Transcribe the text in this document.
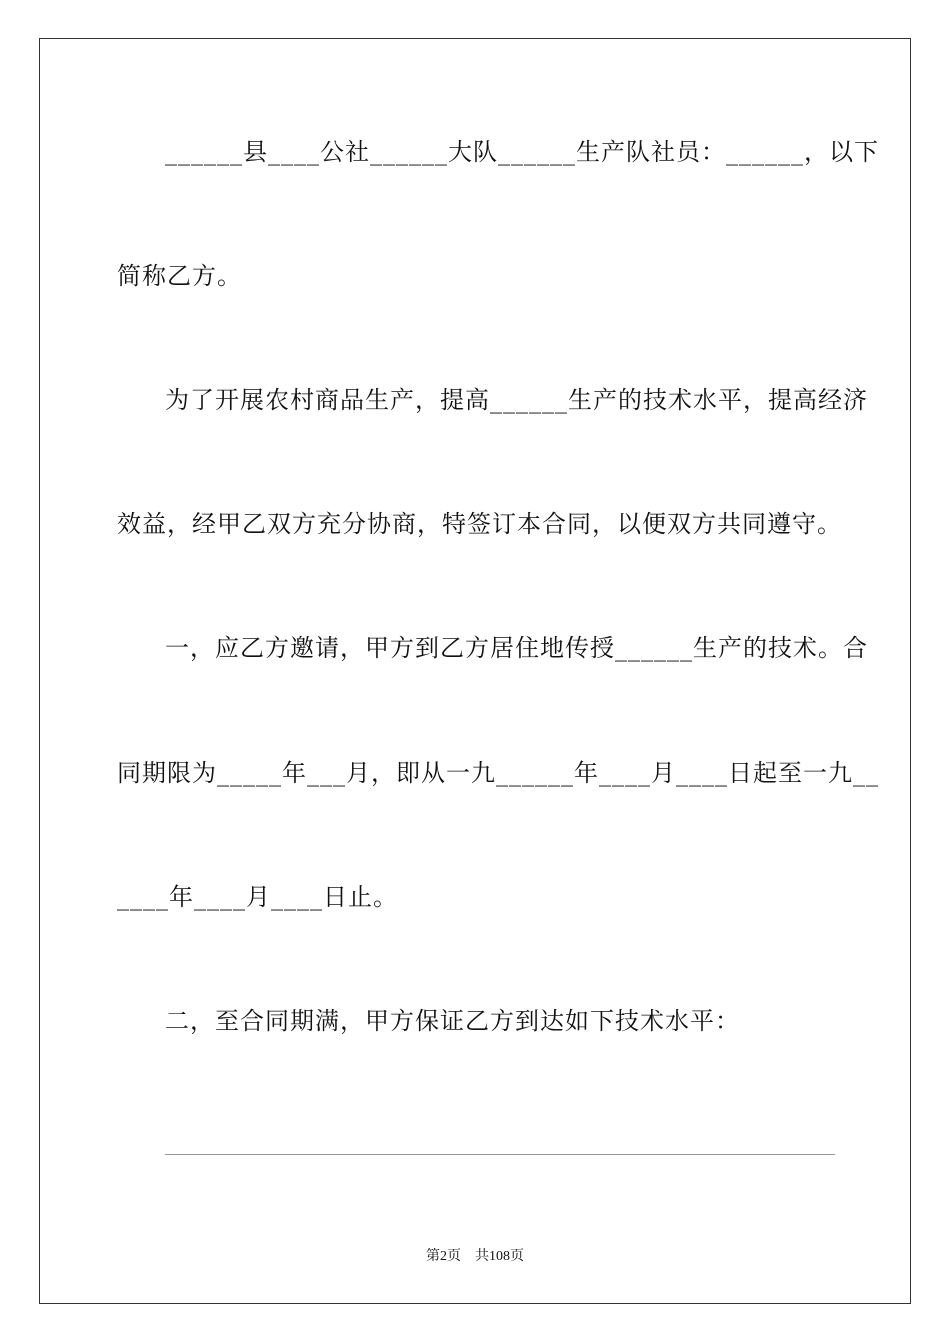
______县____公社______大队______生产队社员：______，以下
简称乙方。
为了开展农村商品生产，提高______生产的技术水平，提高经济
效益，经甲乙双方充分协商，特签订本合同，以便双方共同遵守。
一，应乙方邀请，甲方到乙方居住地传授______生产的技术。合
同期限为_____年___月，即从一九______年____月____日起至一九__
____年____月____日止。
二，至合同期满，甲方保证乙方到达如下技术水平：
第2页　共108页
